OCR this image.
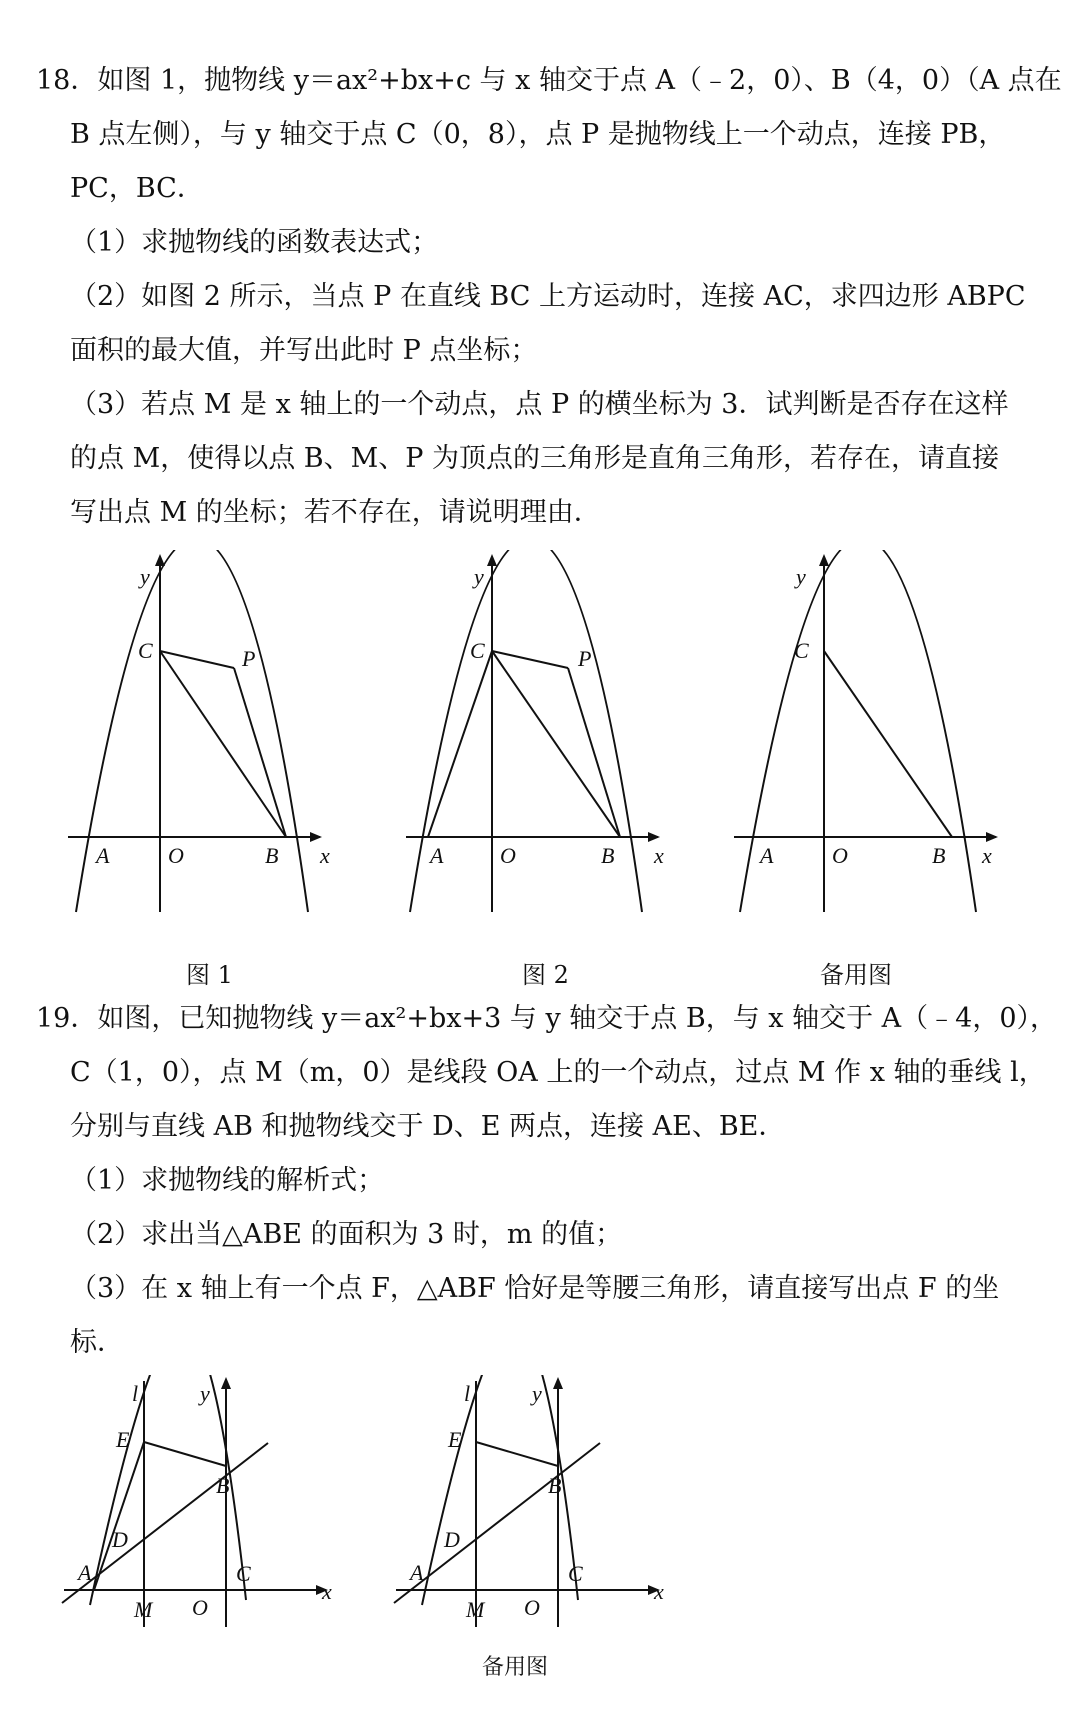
18．如图 1，抛物线 y＝ax²+bx+c 与 x 轴交于点 A（﹣2，0）、B（4，0）（A 点在
B 点左侧），与 y 轴交于点 C（0，8），点 P 是抛物线上一个动点，连接 PB，
PC，BC．
（1）求抛物线的函数表达式；
（2）如图 2 所示，当点 P 在直线 BC 上方运动时，连接 AC，求四边形 ABPC
面积的最大值，并写出此时 P 点坐标；
（3）若点 M 是 x 轴上的一个动点，点 P 的横坐标为 3．试判断是否存在这样
的点 M，使得以点 B、M、P 为顶点的三角形是直角三角形，若存在，请直接
写出点 M 的坐标；若不存在，请说明理由．
y
x
C	P
A	O	B
图 1
y
x
C	P
A	O	B
图 2
y
x
C
A	O	B
备用图
19．如图，已知抛物线 y＝ax²+bx+3 与 y 轴交于点 B，与 x 轴交于 A（﹣4，0），
C（1，0），点 M（m，0）是线段 OA 上的一个动点，过点 M 作 x 轴的垂线 l，
分别与直线 AB 和抛物线交于 D、E 两点，连接 AE、BE．
（1）求抛物线的解析式；
（2）求出当△ABE 的面积为 3 时，m 的值；
（3）在 x 轴上有一个点 F，△ABF 恰好是等腰三角形，请直接写出点 F 的坐
标．
l	y
x
E
B
D
A
M O
C
l	y
x
E
B
D
A
M O
C
备用图
